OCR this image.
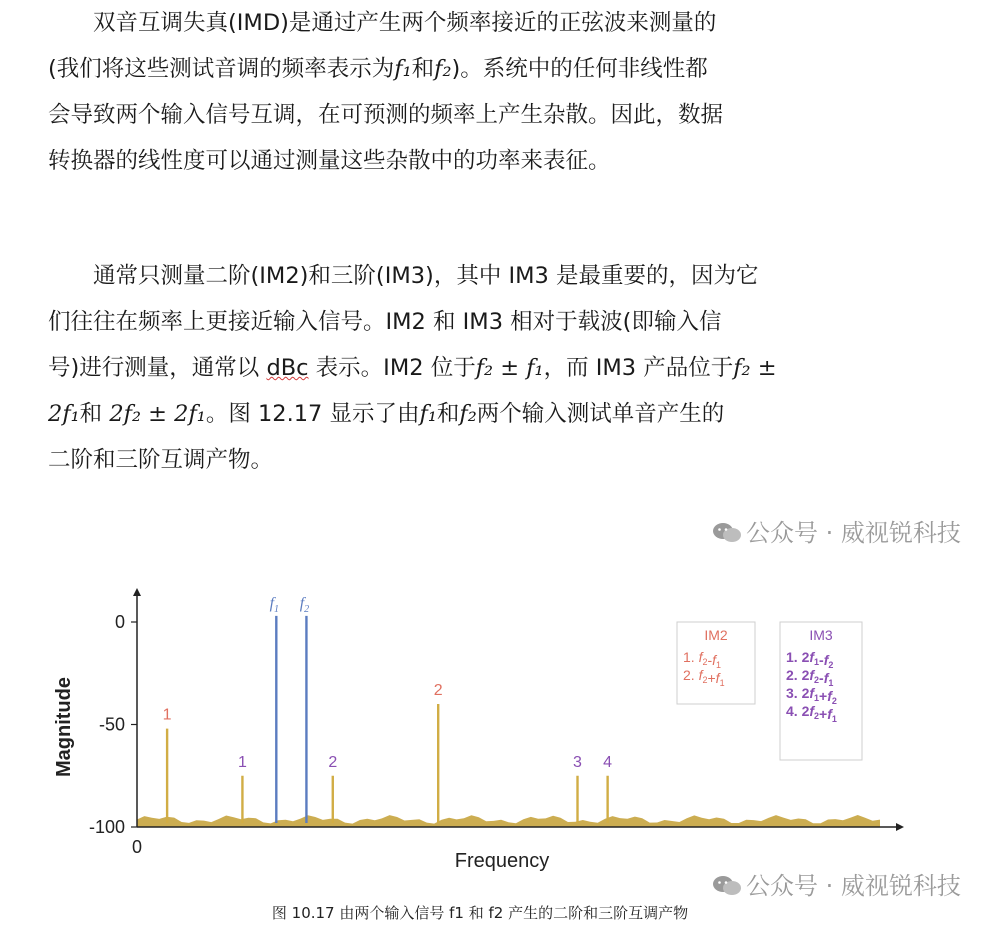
双音互调失真(IMD)是通过产生两个频率接近的正弦波来测量的

(我们将这些测试音调的频率表示为f₁和f₂)。系统中的任何非线性都

会导致两个输入信号互调，在可预测的频率上产生杂散。因此，数据

转换器的线性度可以通过测量这些杂散中的功率来表征。

通常只测量二阶(IM2)和三阶(IM3)，其中 IM3 是最重要的，因为它

们往往在频率上更接近输入信号。IM2 和 IM3 相对于载波(即输入信

号)进行测量，通常以 dBc 表示。IM2 位于f₂ ± f₁，而 IM3 产品位于f₂ ±

2f₁和 2f₂ ± 2f₁。图 12.17 显示了由f₁和f₂两个输入测试单音产生的

二阶和三阶互调产物。

公众号 · 威视锐科技
0
-50
-100
0
Frequency
Magnitude	1
1
$f_1$ $f_2$
2
2
3 4
IM2
1. $f_2-f_1$
2. $f_2+f_1$
IM3
1. $2f_1-f_2$
2. $2f_2-f_1$
3. $2f_1+f_2$
4. $2f_2+f_1$
公众号 · 威视锐科技
图 10.17 由两个输入信号 f1 和 f2 产生的二阶和三阶互调产物
